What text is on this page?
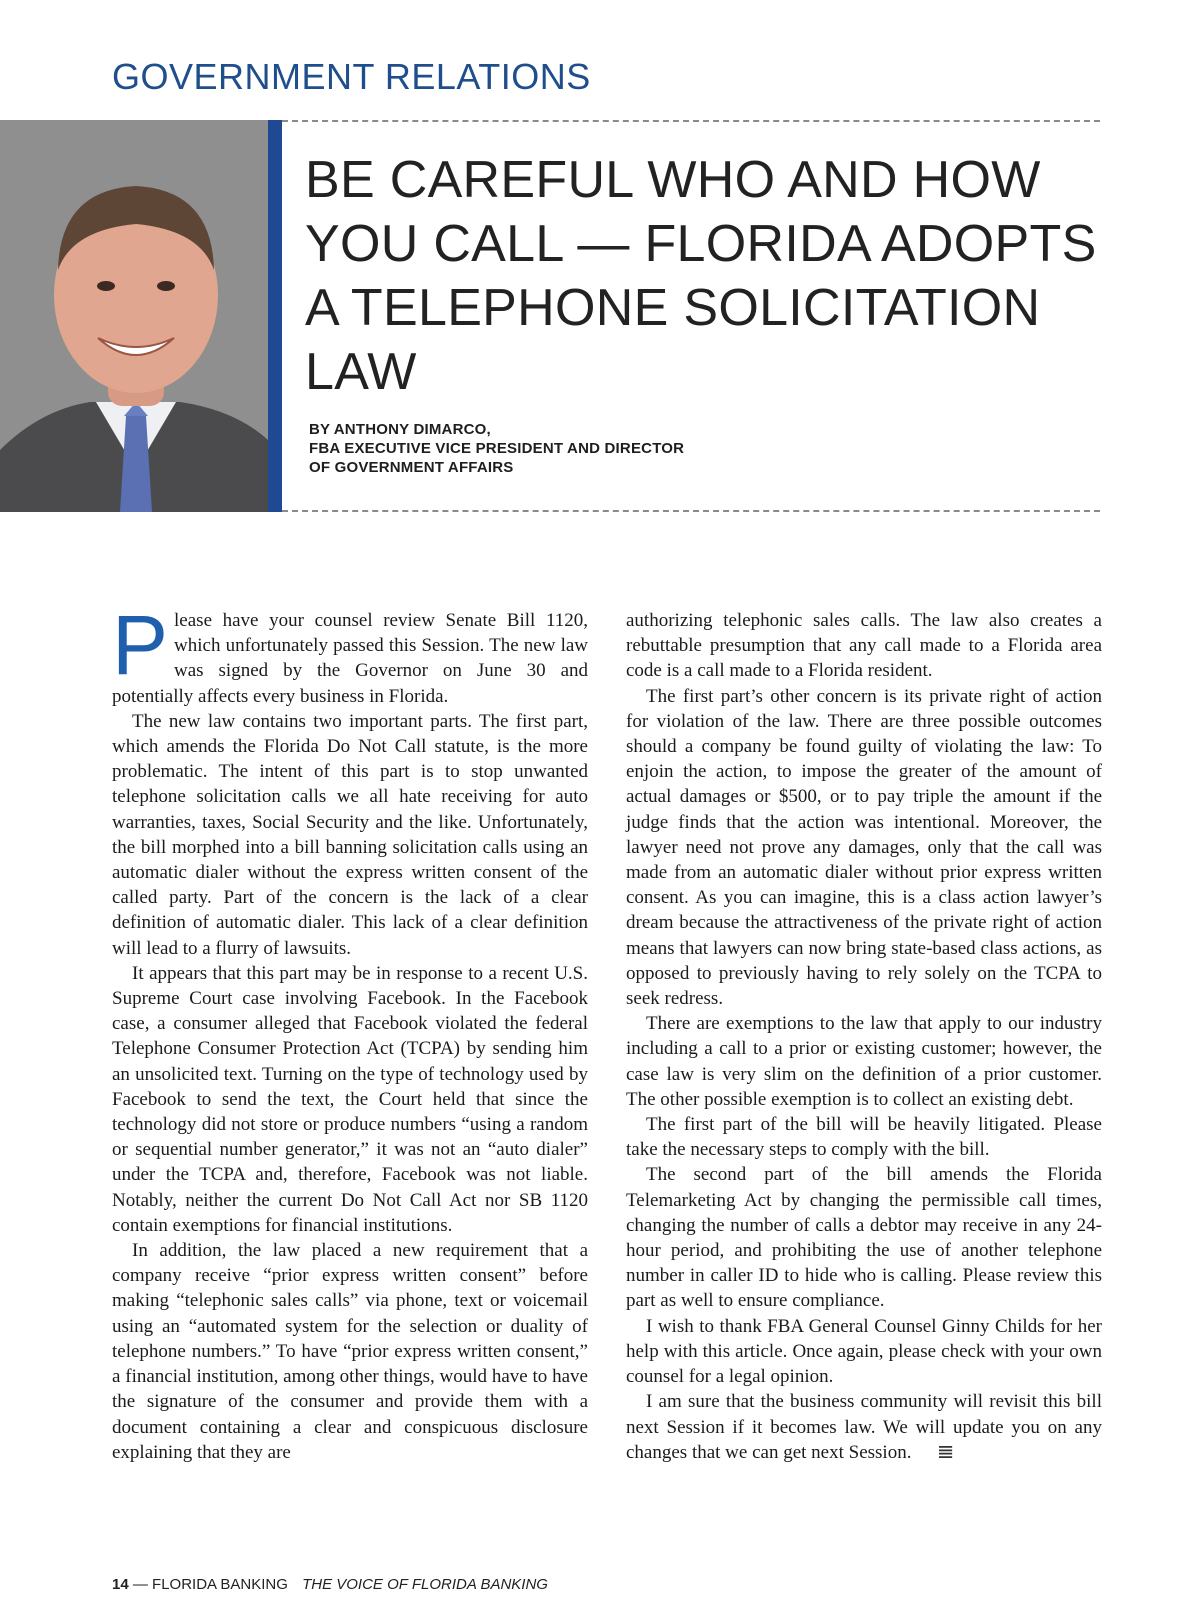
GOVERNMENT RELATIONS
BE CAREFUL WHO AND HOW YOU CALL — FLORIDA ADOPTS A TELEPHONE SOLICITATION LAW
BY ANTHONY DIMARCO,
FBA EXECUTIVE VICE PRESIDENT AND DIRECTOR
OF GOVERNMENT AFFAIRS

Please have your counsel review Senate Bill 1120, which unfortunately passed this Session. The new law was signed by the Governor on June 30 and potentially affects every business in Florida.

The new law contains two important parts. The first part, which amends the Florida Do Not Call statute, is the more problematic. The intent of this part is to stop unwanted telephone solicitation calls we all hate receiving for auto warranties, taxes, Social Security and the like. Unfortunately, the bill morphed into a bill banning solicitation calls using an automatic dialer without the express written consent of the called party. Part of the concern is the lack of a clear definition of automatic dialer. This lack of a clear definition will lead to a flurry of lawsuits.

It appears that this part may be in response to a recent U.S. Supreme Court case involving Facebook. In the Facebook case, a consumer alleged that Facebook violated the federal Telephone Consumer Protection Act (TCPA) by sending him an unsolicited text. Turning on the type of technology used by Facebook to send the text, the Court held that since the technology did not store or produce numbers “using a random or sequential number generator,” it was not an “auto dialer” under the TCPA and, therefore, Facebook was not liable. Notably, neither the current Do Not Call Act nor SB 1120 contain exemptions for financial institutions.

In addition, the law placed a new requirement that a company receive “prior express written consent” before making “telephonic sales calls” via phone, text or voicemail using an “automated system for the selection or duality of telephone numbers.” To have “prior express written consent,” a financial institution, among other things, would have to have the signature of the consumer and provide them with a document containing a clear and conspicuous disclosure explaining that they are

authorizing telephonic sales calls. The law also creates a rebuttable presumption that any call made to a Florida area code is a call made to a Florida resident.

The first part’s other concern is its private right of action for violation of the law. There are three possible outcomes should a company be found guilty of violating the law: To enjoin the action, to impose the greater of the amount of actual damages or $500, or to pay triple the amount if the judge finds that the action was intentional. Moreover, the lawyer need not prove any damages, only that the call was made from an automatic dialer without prior express written consent. As you can imagine, this is a class action lawyer’s dream because the attractiveness of the private right of action means that lawyers can now bring state-based class actions, as opposed to previously having to rely solely on the TCPA to seek redress.

There are exemptions to the law that apply to our industry including a call to a prior or existing customer; however, the case law is very slim on the definition of a prior customer. The other possible exemption is to collect an existing debt.

The first part of the bill will be heavily litigated. Please take the necessary steps to comply with the bill.

The second part of the bill amends the Florida Telemarketing Act by changing the permissible call times, changing the number of calls a debtor may receive in any 24-hour period, and prohibiting the use of another telephone number in caller ID to hide who is calling. Please review this part as well to ensure compliance.

I wish to thank FBA General Counsel Ginny Childs for her help with this article. Once again, please check with your own counsel for a legal opinion.

I am sure that the business community will revisit this bill next Session if it becomes law. We will update you on any changes that we can get next Session. 𝌆

14 — FLORIDA BANKING THE VOICE OF FLORIDA BANKING
